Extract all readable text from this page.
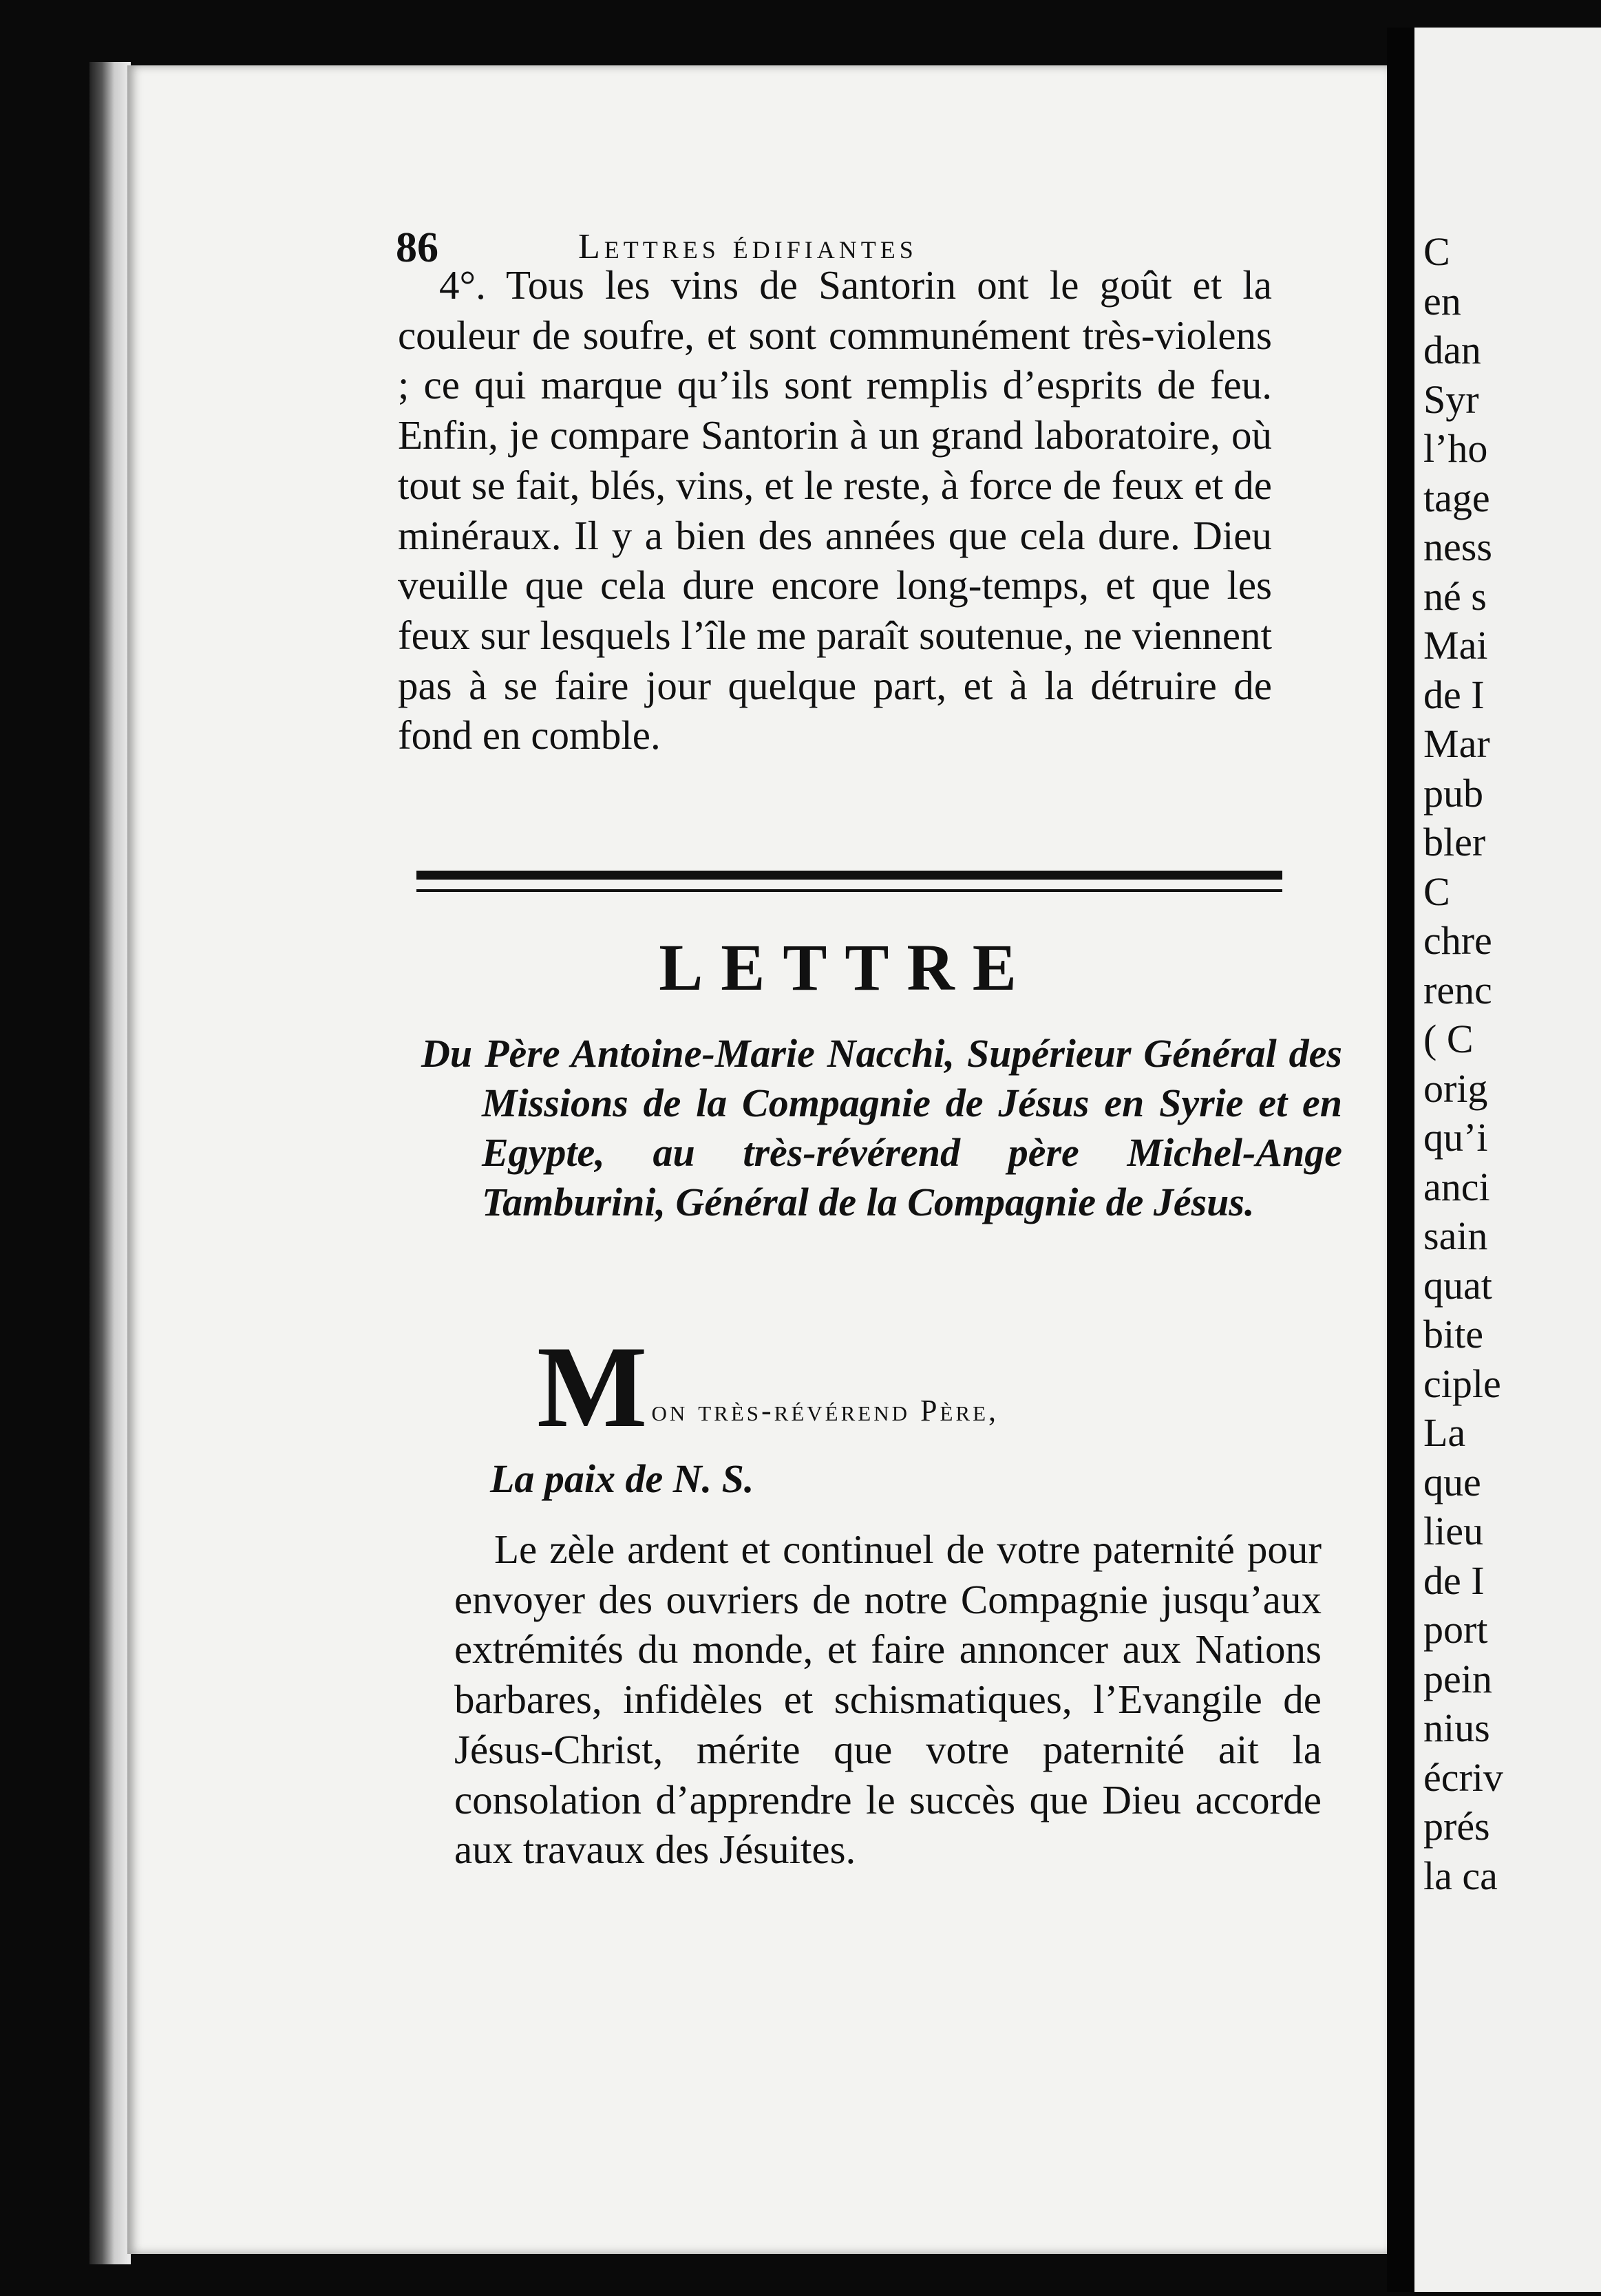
86	Lettres édifiantes
4°. Tous les vins de Santorin ont le goût et la couleur de soufre, et sont communément très-violens ; ce qui marque qu’ils sont remplis d’esprits de feu. Enfin, je compare Santorin à un grand laboratoire, où tout se fait, blés, vins, et le reste, à force de feux et de minéraux. Il y a bien des années que cela dure. Dieu veuille que cela dure encore long-temps, et que les feux sur lesquels l’île me paraît soutenue, ne viennent pas à se faire jour quelque part, et à la détruire de fond en comble.
LETTRE
Du Père Antoine-Marie Nacchi, Supérieur Général des Missions de la Compagnie de Jésus en Syrie et en Egypte, au très-révérend père Michel-Ange Tamburini, Général de la Compagnie de Jésus.
M on très-révérend Père,
La paix de N. S.
Le zèle ardent et continuel de votre paternité pour envoyer des ouvriers de notre Compagnie jusqu’aux extrémités du monde, et faire annoncer aux Nations barbares, infidèles et schismatiques, l’Evangile de Jésus-Christ, mérite que votre paternité ait la consolation d’apprendre le succès que Dieu accorde aux travaux des Jésuites.
C
en
dan
Syr
l’ho
tage
ness
né s
Mai
de I
Mar
pub
bler
C
chre
renc
( C
orig
qu’i
anci
sain
quat
bite
ciple
La
que
lieu
de I
port
pein
nius
écriv
prés
la ca
